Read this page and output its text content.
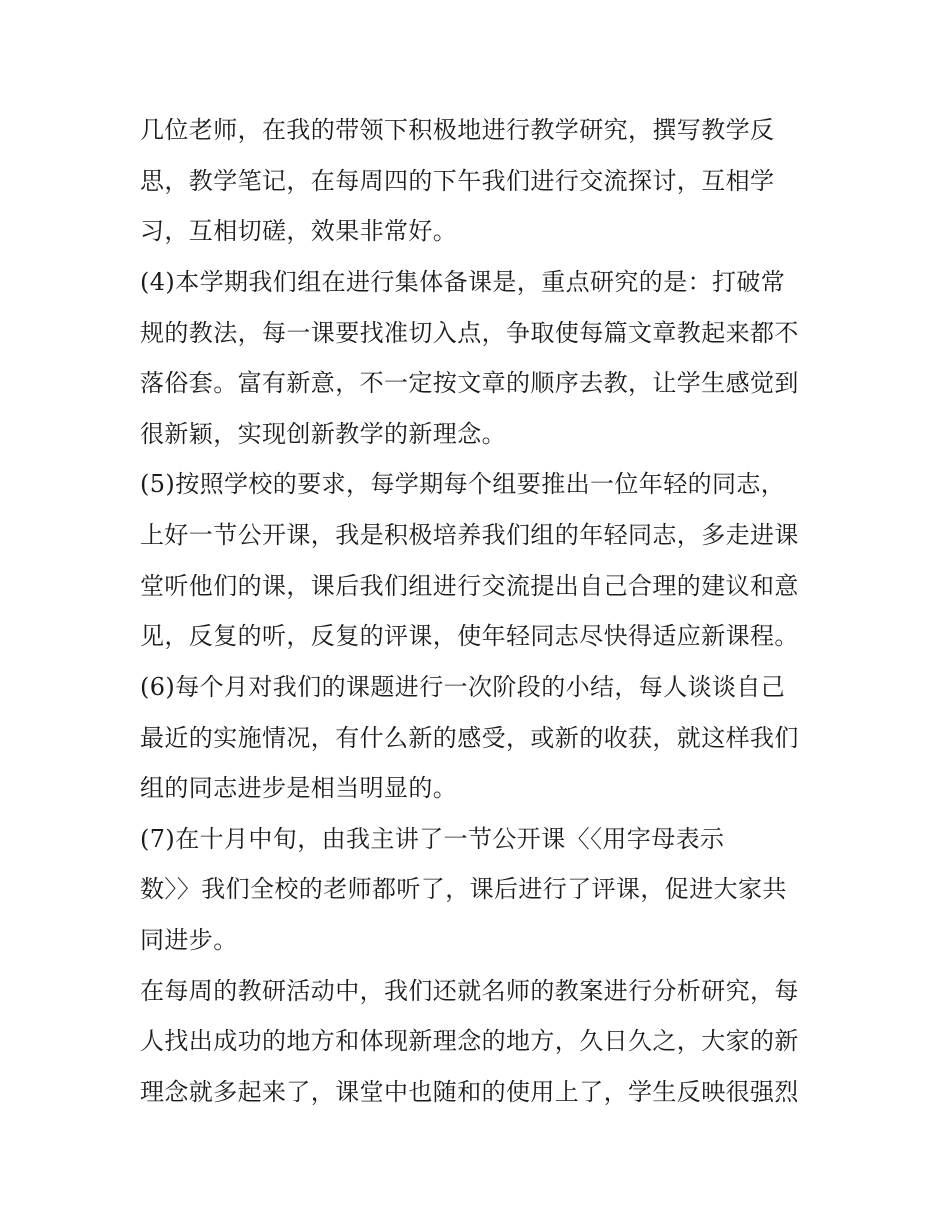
几位老师，在我的带领下积极地进行教学研究，撰写教学反
思，教学笔记，在每周四的下午我们进行交流探讨，互相学
习，互相切磋，效果非常好。
(4)本学期我们组在进行集体备课是，重点研究的是：打破常
规的教法，每一课要找准切入点，争取使每篇文章教起来都不
落俗套。富有新意，不一定按文章的顺序去教，让学生感觉到
很新颖，实现创新教学的新理念。
(5)按照学校的要求，每学期每个组要推出一位年轻的同志，
上好一节公开课，我是积极培养我们组的年轻同志，多走进课
堂听他们的课，课后我们组进行交流提出自己合理的建议和意
见，反复的听，反复的评课，使年轻同志尽快得适应新课程。
(6)每个月对我们的课题进行一次阶段的小结，每人谈谈自己
最近的实施情况，有什么新的感受，或新的收获，就这样我们
组的同志进步是相当明显的。
(7)在十月中旬，由我主讲了一节公开课〈〈用字母表示
数〉〉我们全校的老师都听了，课后进行了评课，促进大家共
同进步。
在每周的教研活动中，我们还就名师的教案进行分析研究，每
人找出成功的地方和体现新理念的地方，久日久之，大家的新
理念就多起来了，课堂中也随和的使用上了，学生反映很强烈
